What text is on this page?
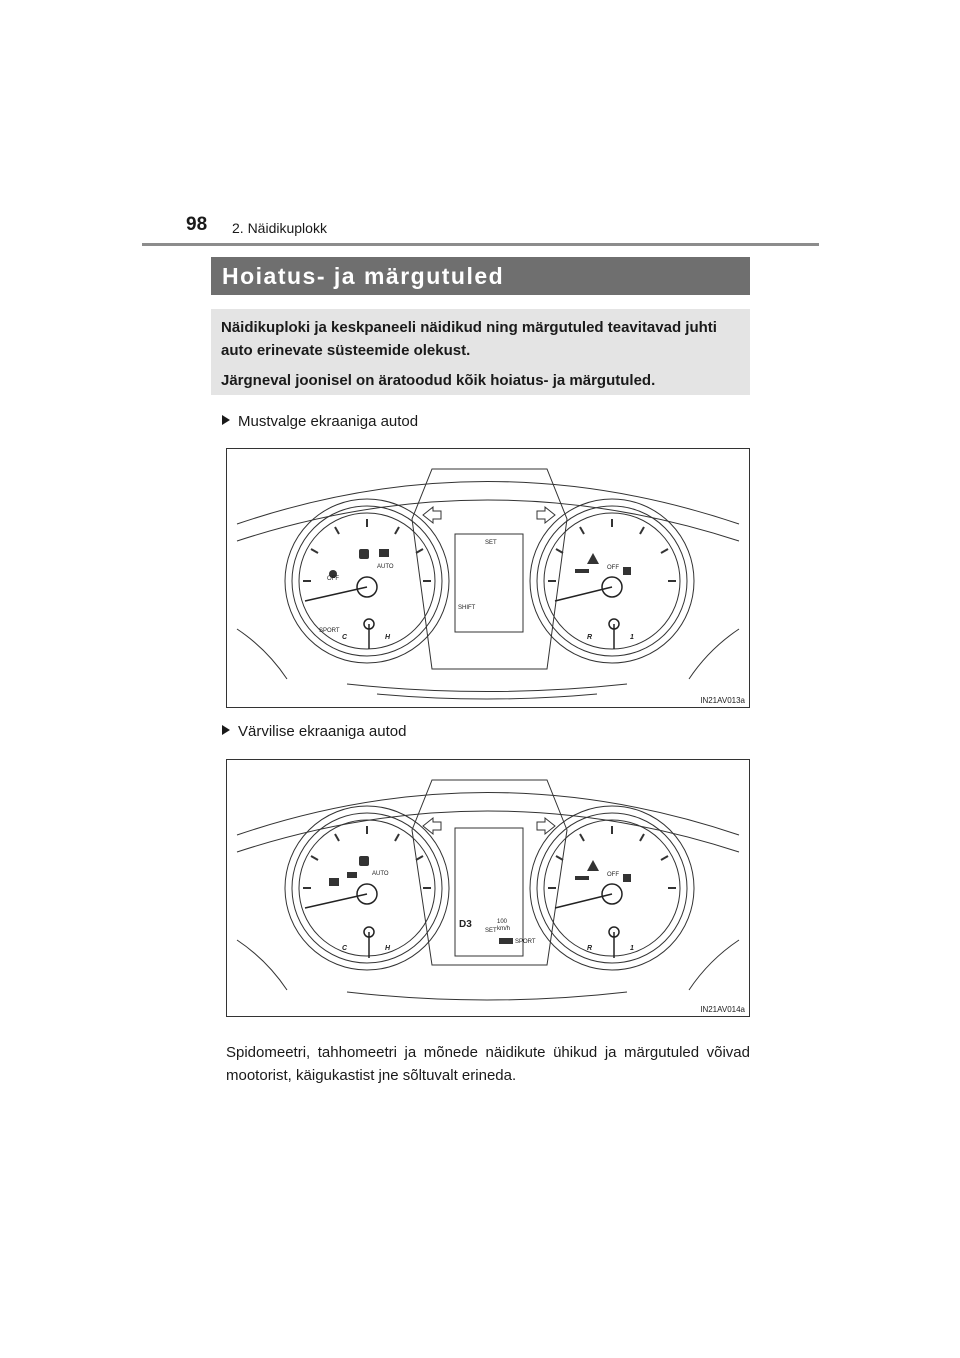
98 2. Näidikuplokk
Hoiatus- ja märgutuled

Näidikuploki ja keskpaneeli näidikud ning märgutuled teavitavad juhti auto erinevate süsteemide olekust.

Järgneval joonisel on äratoodud kõik hoiatus- ja märgutuled.

Mustvalge ekraaniga autod
OFF
AUTO	OFF
SPORT
SET
SHIFT
C	H	R	1
IN21AV013a
Värvilise ekraaniga autod
AUTO	OFF
SET
SPORT
100
km/h
D3
C	H	R	1
IN21AV014a

Spidomeetri, tahhomeetri ja mõnede näidikute ühikud ja märgutuled võivad mootorist, käigukastist jne sõltuvalt erineda.
